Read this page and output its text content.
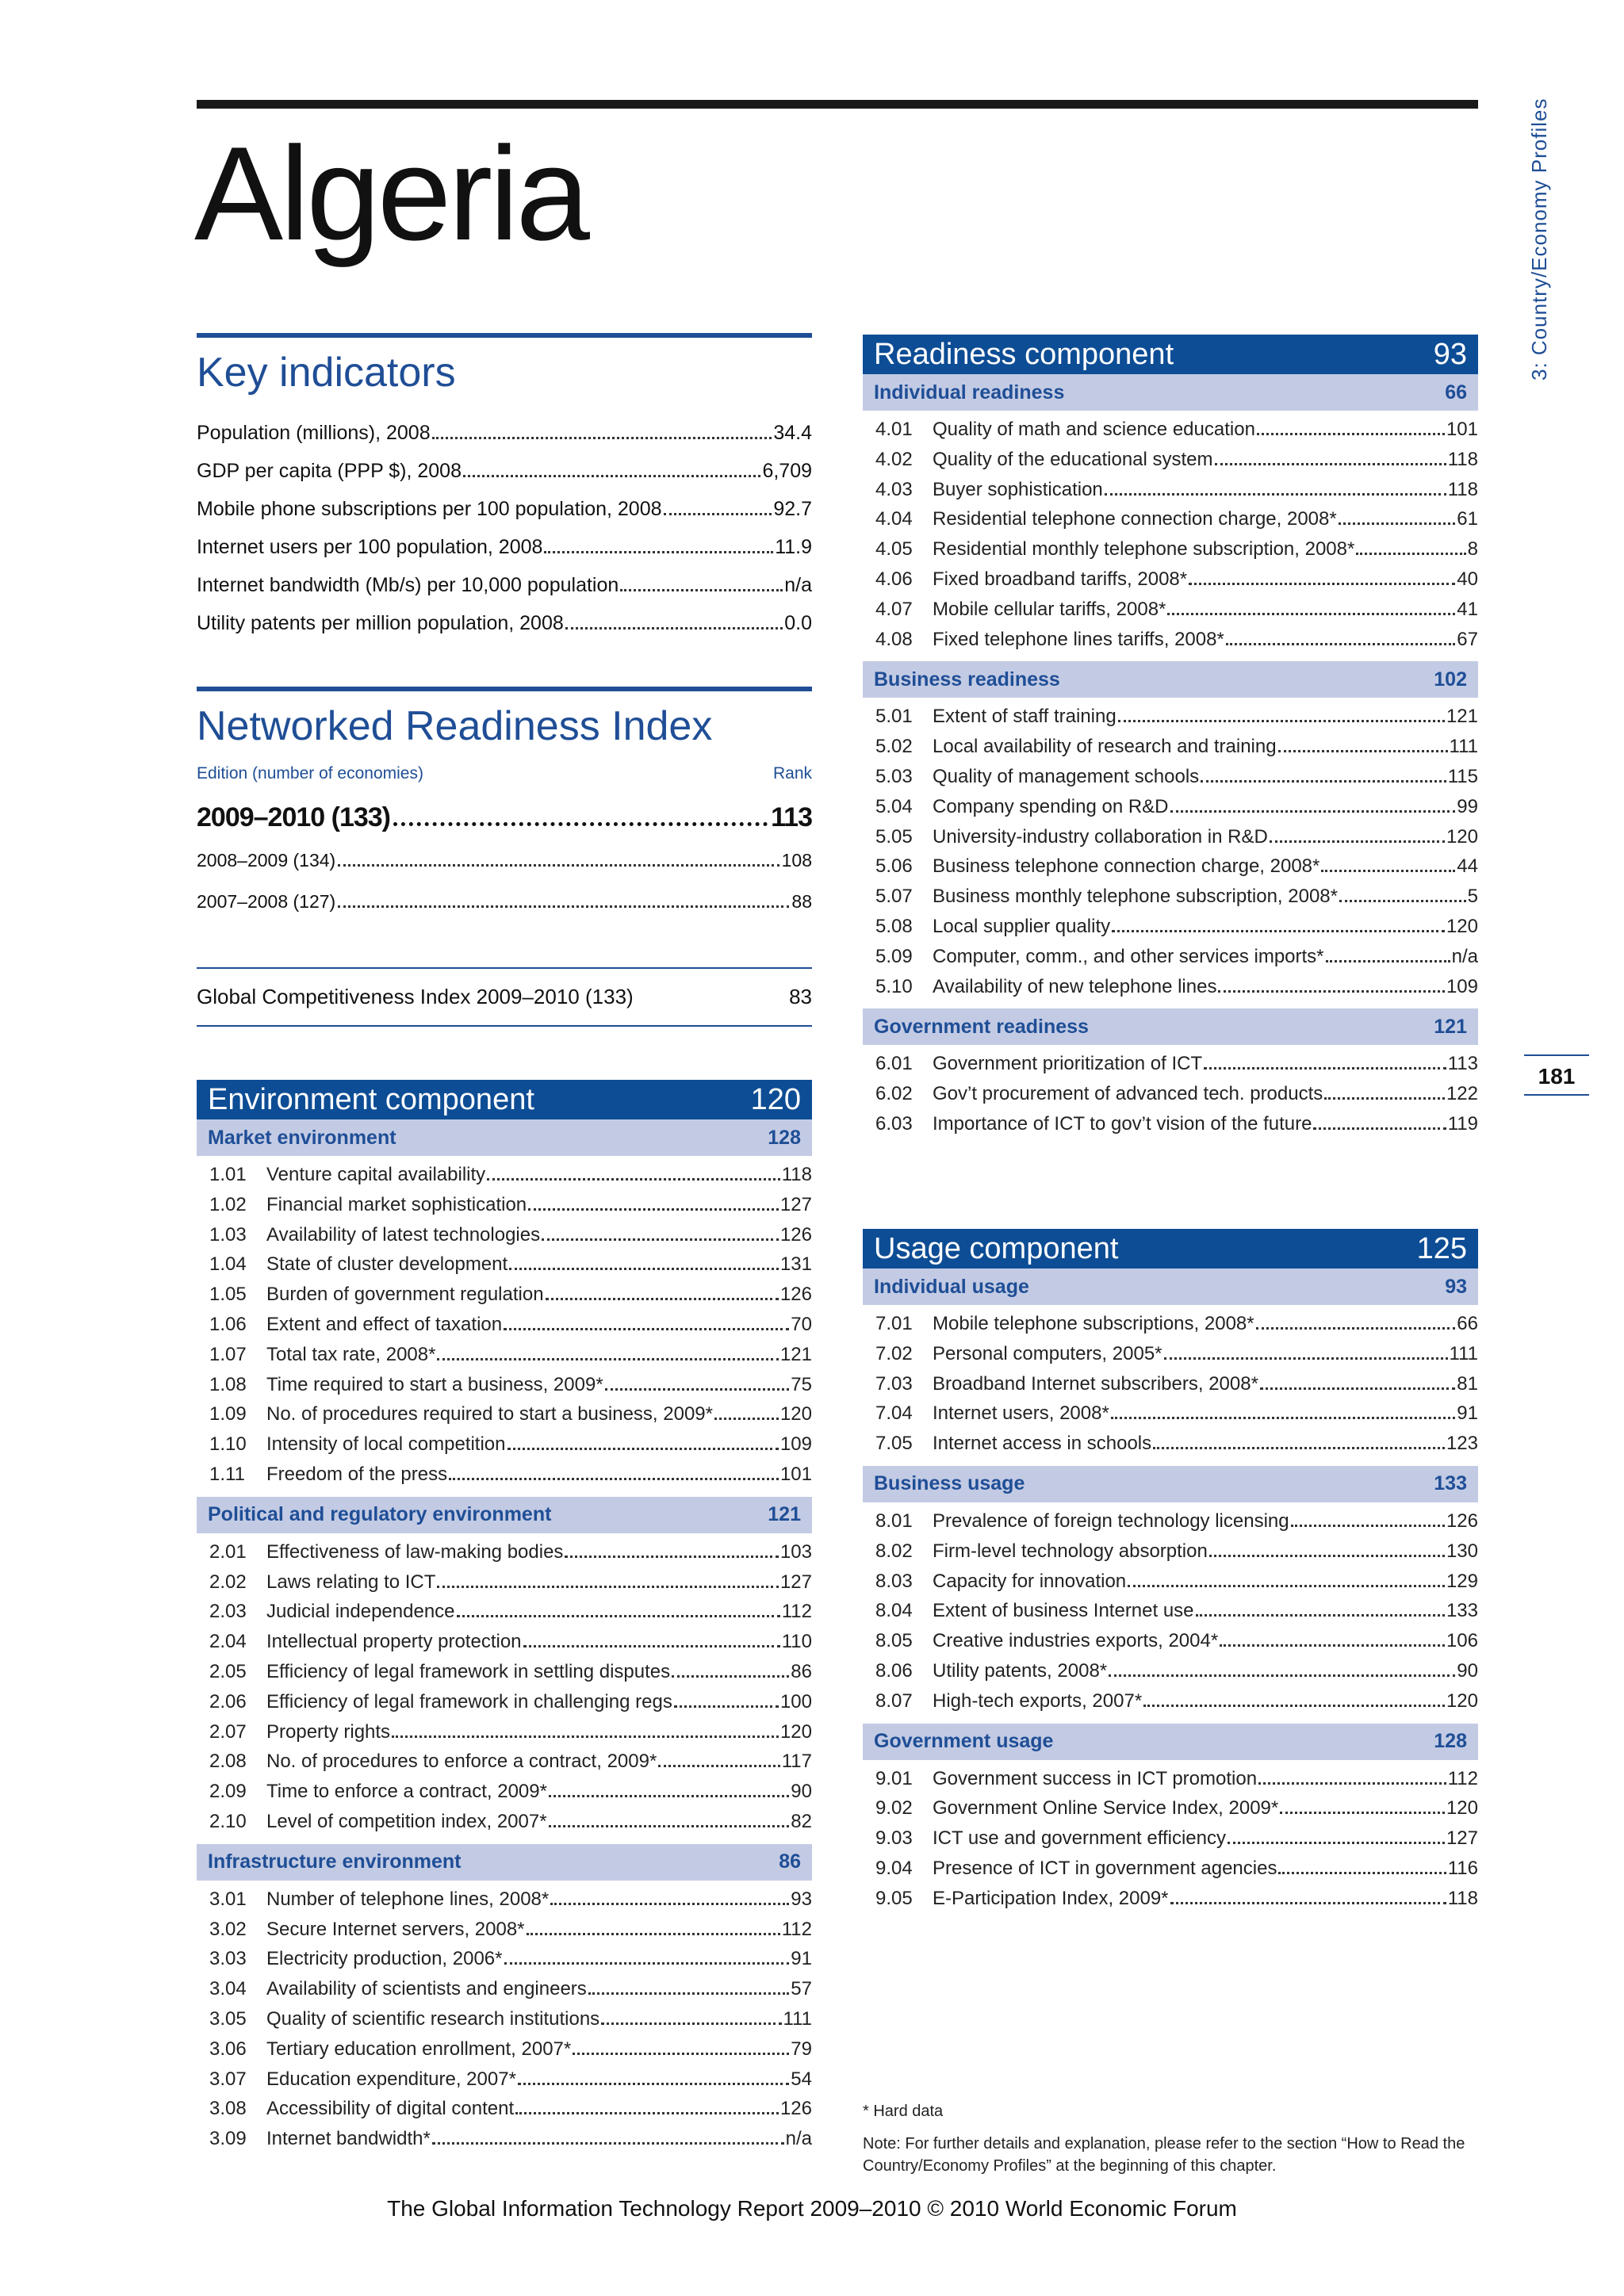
Algeria	3: Country/Economy Profiles
181
Key indicators
Population (millions), 2008	34.4
GDP per capita (PPP $), 2008	6,709
Mobile phone subscriptions per 100 population, 2008	92.7
Internet users per 100 population, 2008	11.9
Internet bandwidth (Mb/s) per 10,000 population	n/a
Utility patents per million population, 2008	0.0
Networked Readiness Index
Edition (number of economies)	Rank
2009–2010 (133)	113
2008–2009 (134)	108
2007–2008 (127)	88
Global Competitiveness Index 2009–2010 (133)	83
Environment component	120
Market environment	128
1.01	Venture capital availability	118
1.02	Financial market sophistication	127
1.03	Availability of latest technologies	126
1.04	State of cluster development	131
1.05	Burden of government regulation	126
1.06	Extent and effect of taxation	70
1.07	Total tax rate, 2008*	121
1.08	Time required to start a business, 2009*	75
1.09	No. of procedures required to start a business, 2009*	120
1.10	Intensity of local competition	109
1.11	Freedom of the press	101
Political and regulatory environment	121
2.01	Effectiveness of law-making bodies	103
2.02	Laws relating to ICT	127
2.03	Judicial independence	112
2.04	Intellectual property protection	110
2.05	Efficiency of legal framework in settling disputes	86
2.06	Efficiency of legal framework in challenging regs	100
2.07	Property rights	120
2.08	No. of procedures to enforce a contract, 2009*	117
2.09	Time to enforce a contract, 2009*	90
2.10	Level of competition index, 2007*	82
Infrastructure environment	86
3.01	Number of telephone lines, 2008*	93
3.02	Secure Internet servers, 2008*	112
3.03	Electricity production, 2006*	91
3.04	Availability of scientists and engineers	57
3.05	Quality of scientific research institutions	111
3.06	Tertiary education enrollment, 2007*	79
3.07	Education expenditure, 2007*	54
3.08	Accessibility of digital content	126
3.09	Internet bandwidth*	n/a
Readiness component	93
Individual readiness	66
4.01	Quality of math and science education	101
4.02	Quality of the educational system	118
4.03	Buyer sophistication	118
4.04	Residential telephone connection charge, 2008*	61
4.05	Residential monthly telephone subscription, 2008*	8
4.06	Fixed broadband tariffs, 2008*	40
4.07	Mobile cellular tariffs, 2008*	41
4.08	Fixed telephone lines tariffs, 2008*	67
Business readiness	102
5.01	Extent of staff training	121
5.02	Local availability of research and training	111
5.03	Quality of management schools	115
5.04	Company spending on R&D	99
5.05	University-industry collaboration in R&D	120
5.06	Business telephone connection charge, 2008*	44
5.07	Business monthly telephone subscription, 2008*	5
5.08	Local supplier quality	120
5.09	Computer, comm., and other services imports*	n/a
5.10	Availability of new telephone lines	109
Government readiness	121
6.01	Government prioritization of ICT	113
6.02	Gov’t procurement of advanced tech. products	122
6.03	Importance of ICT to gov’t vision of the future	119
Usage component	125
Individual usage	93
7.01	Mobile telephone subscriptions, 2008*	66
7.02	Personal computers, 2005*	111
7.03	Broadband Internet subscribers, 2008*	81
7.04	Internet users, 2008*	91
7.05	Internet access in schools	123
Business usage	133
8.01	Prevalence of foreign technology licensing	126
8.02	Firm-level technology absorption	130
8.03	Capacity for innovation	129
8.04	Extent of business Internet use	133
8.05	Creative industries exports, 2004*	106
8.06	Utility patents, 2008*	90
8.07	High-tech exports, 2007*	120
Government usage	128
9.01	Government success in ICT promotion	112
9.02	Government Online Service Index, 2009*	120
9.03	ICT use and government efficiency	127
9.04	Presence of ICT in government agencies	116
9.05	E-Participation Index, 2009*	118
* Hard data
Note: For further details and explanation, please refer to the section “How to Read the Country/Economy Profiles” at the beginning of this chapter.
The Global Information Technology Report 2009–2010 © 2010 World Economic Forum
